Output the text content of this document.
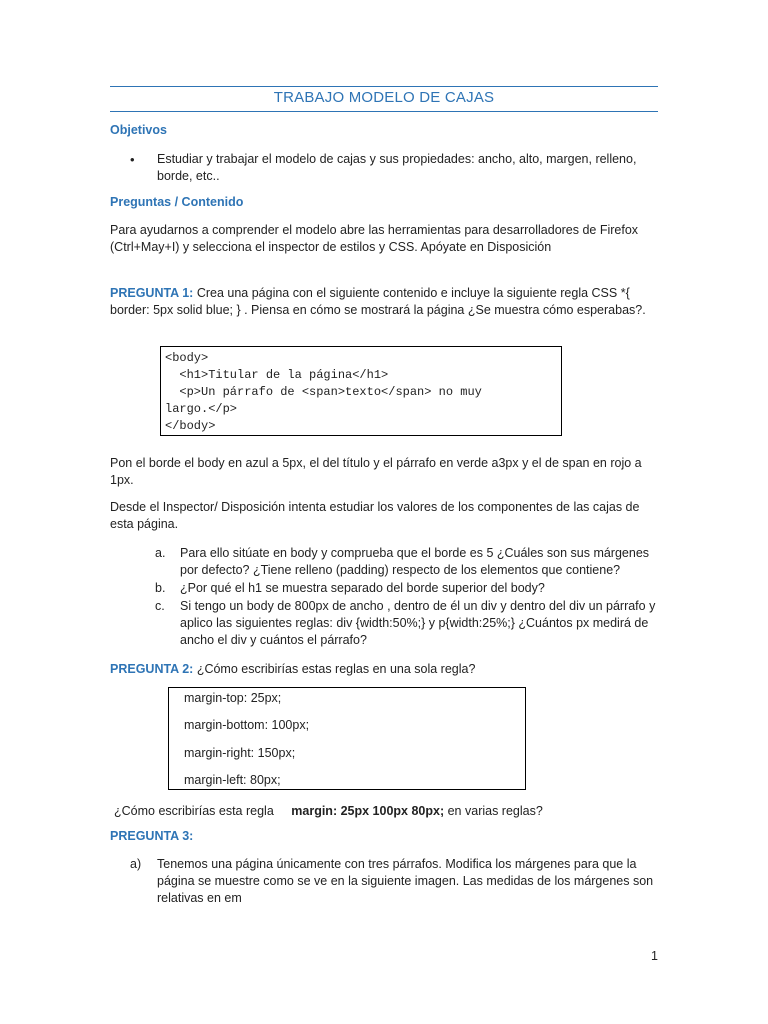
TRABAJO MODELO DE CAJAS
Objetivos
• Estudiar y trabajar el modelo de cajas y sus propiedades: ancho, alto, margen, relleno, borde, etc..
Preguntas / Contenido
Para ayudarnos a comprender el modelo abre las herramientas para desarrolladores de Firefox (Ctrl+May+I) y selecciona el inspector de estilos y CSS. Apóyate en Disposición
PREGUNTA 1: Crea una página con el siguiente contenido e incluye la siguiente regla CSS *{ border: 5px solid blue; } . Piensa en cómo se mostrará la página ¿Se muestra cómo esperabas?.
<body>
<h1>Titular de la página</h1>
<p>Un párrafo de <span>texto</span> no muy
largo.</p>
</body>
Pon el borde el body en azul a 5px, el del título y el párrafo en verde a3px y el de span en rojo a 1px.
Desde el Inspector/ Disposición intenta estudiar los valores de los componentes de las cajas de esta página.
a. Para ello sitúate en body y comprueba que el borde es 5 ¿Cuáles son sus márgenes por defecto? ¿Tiene relleno (padding) respecto de los elementos que contiene?
b. ¿Por qué el h1 se muestra separado del borde superior del body?
c. Si tengo un body de 800px de ancho , dentro de él un div y dentro del div un párrafo y aplico las siguientes reglas: div {width:50%;} y p{width:25%;} ¿Cuántos px medirá de ancho el div y cuántos el párrafo?
PREGUNTA 2: ¿Cómo escribirías estas reglas en una sola regla?
margin-top: 25px;
margin-bottom: 100px;
margin-right: 150px;
margin-left: 80px;
¿Cómo escribirías esta regla margin: 25px 100px 80px; en varias reglas?
PREGUNTA 3:
a) Tenemos una página únicamente con tres párrafos. Modifica los márgenes para que la página se muestre como se ve en la siguiente imagen. Las medidas de los márgenes son relativas en em
1
